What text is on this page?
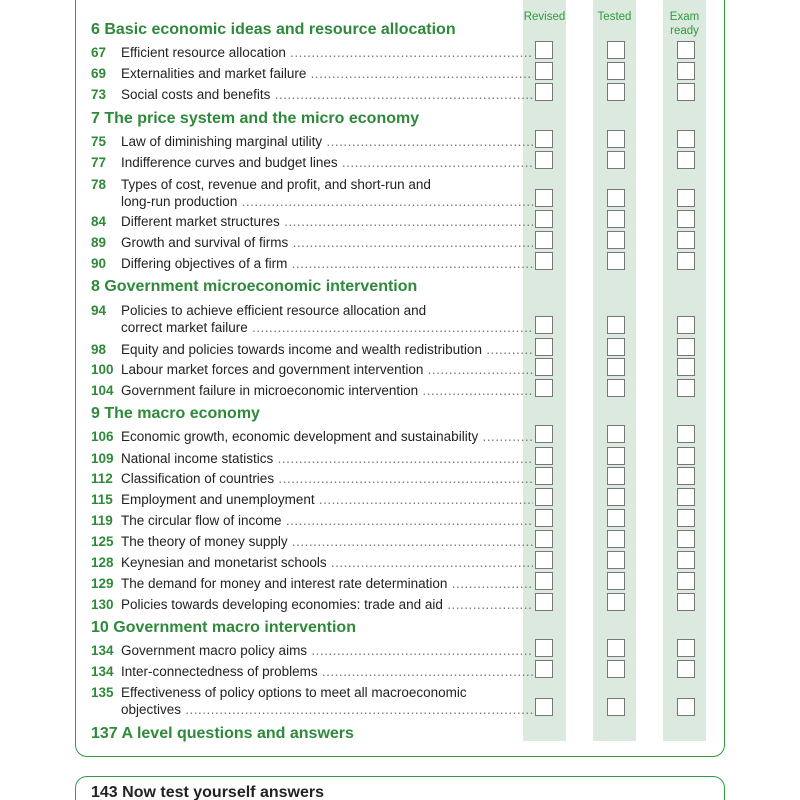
Revised	Tested	Exam
ready
6 Basic economic ideas and resource allocation
7 The price system and the micro economy
8 Government microeconomic intervention
9 The macro economy
10 Government macro intervention
67 Efficient resource allocation .....
69 Externalities and market failure .....
73 Social costs and benefits .....
75 Law of diminishing marginal utility .....
77 Indifference curves and budget lines .....
78 Types of cost, revenue and profit, and short-run and
long-run production .....
84 Different market structures .....
89 Growth and survival of firms .....
90 Differing objectives of a firm .....
94 Policies to achieve efficient resource allocation and
correct market failure .....
98 Equity and policies towards income and wealth redistribution .....
100 Labour market forces and government intervention .....
104 Government failure in microeconomic intervention .....
106 Economic growth, economic development and sustainability .....
109 National income statistics .....
112 Classification of countries .....
115 Employment and unemployment .....
119 The circular flow of income .....
125 The theory of money supply .....
128 Keynesian and monetarist schools .....
129 The demand for money and interest rate determination .....
130 Policies towards developing economies: trade and aid .....
134 Government macro policy aims .....
134 Inter-connectedness of problems .....
135 Effectiveness of policy options to meet all macroeconomic
objectives .....
137 A level questions and answers
143 Now test yourself answers
